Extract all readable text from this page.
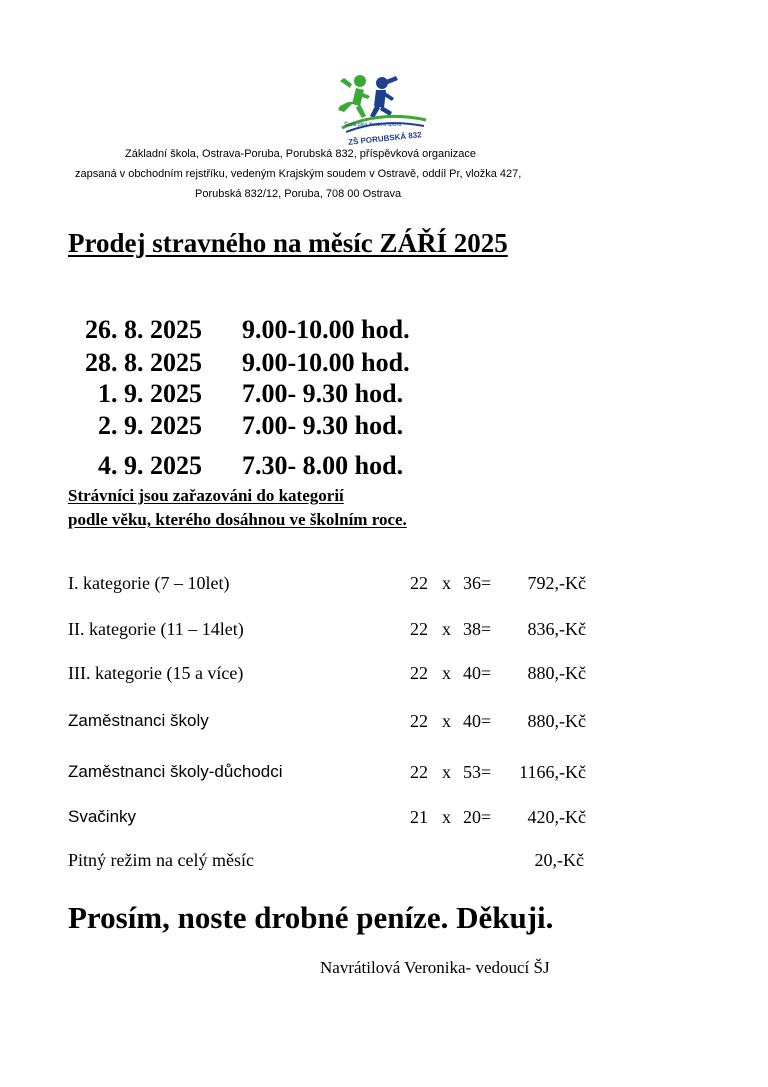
Škola plná života a sportu
ZŠ PORUBSKÁ 832
Základní škola, Ostrava-Poruba, Porubská 832, příspěvková organizace
zapsaná v obchodním rejstříku, vedeným Krajským soudem v Ostravě, oddíl Pr, vložka 427,
Porubská 832/12, Poruba, 708 00 Ostrava
Prodej stravného na měsíc ZÁŘÍ 2025
26. 8. 2025 9.00-10.00 hod.
28. 8. 2025 9.00-10.00 hod.
1. 9. 2025 7.00- 9.30 hod.
2. 9. 2025 7.00- 9.30 hod.
4. 9. 2025 7.30- 8.00 hod.
Strávníci jsou zařazováni do kategorií
podle věku, kterého dosáhnou ve školním roce.
I. kategorie (7 – 10let)	22 x 36= 792,-Kč
II. kategorie (11 – 14let)	22 x 38= 836,-Kč
III. kategorie (15 a více)	22 x 40= 880,-Kč
Zaměstnanci školy	22 x 40= 880,-Kč
Zaměstnanci školy-důchodci	22 x 53= 1166,-Kč
Svačinky	21 x 20= 420,-Kč
Pitný režim na celý měsíc	20,-Kč
Prosím, noste drobné peníze. Děkuji.
Navrátilová Veronika- vedoucí ŠJ
